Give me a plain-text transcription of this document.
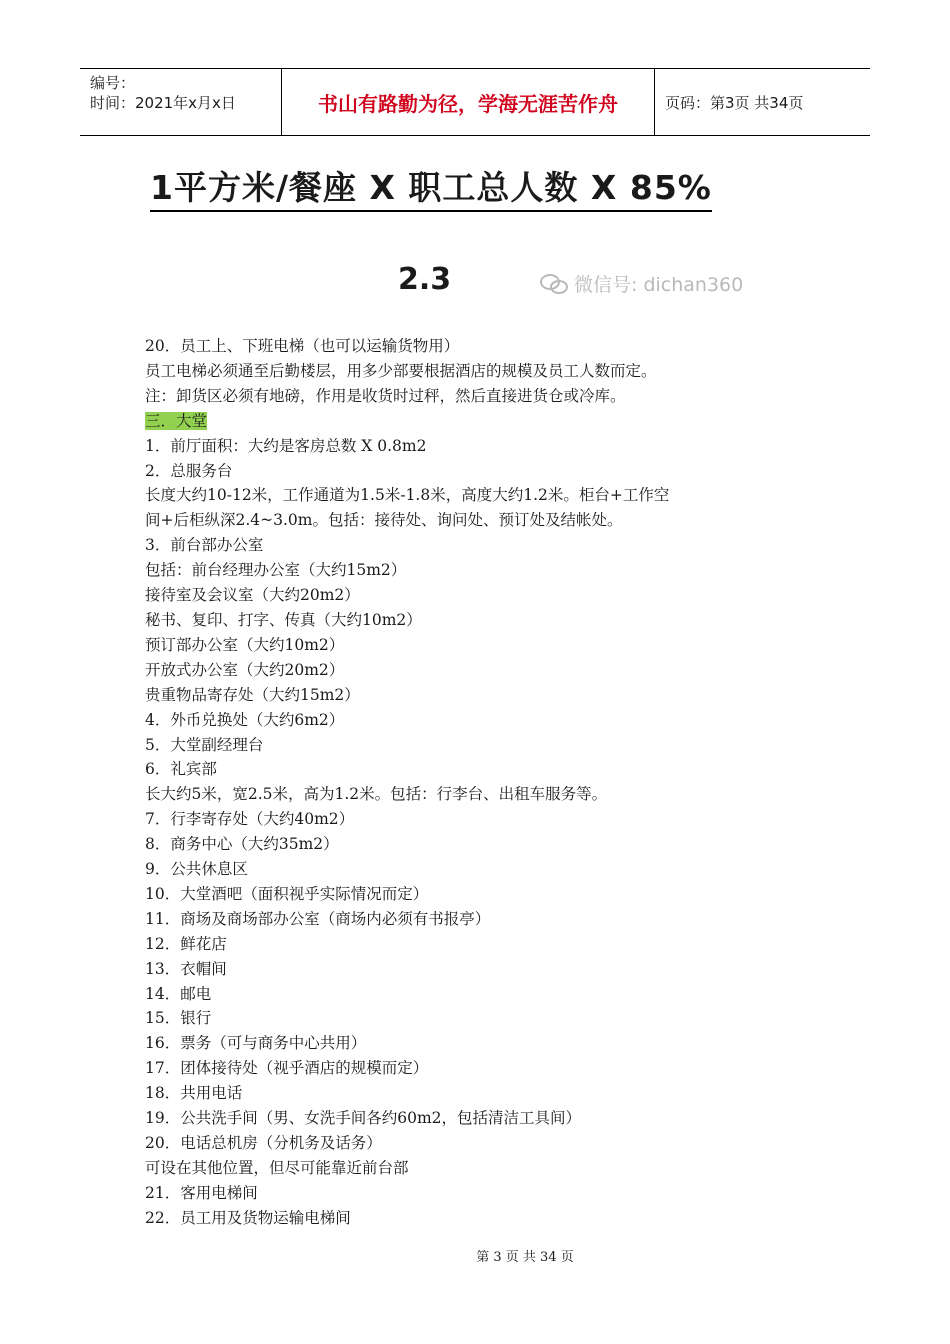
编号：
时间：2021年x月x日	书山有路勤为径，学海无涯苦作舟	页码：第3页 共34页
1平方米/餐座 X 职工总人数 X 85%
2.3	微信号: dichan360
20．员工上、下班电梯（也可以运输货物用）
员工电梯必须通至后勤楼层，用多少部要根据酒店的规模及员工人数而定。
注：卸货区必须有地磅，作用是收货时过秤，然后直接进货仓或冷库。
三．大堂
1．前厅面积：大约是客房总数 X 0.8m2
2．总服务台
长度大约10-12米，工作通道为1.5米-1.8米，高度大约1.2米。柜台+工作空
间+后柜纵深2.4~3.0m。包括：接待处、询问处、预订处及结帐处。
3．前台部办公室
包括：前台经理办公室（大约15m2）
接待室及会议室（大约20m2）
秘书、复印、打字、传真（大约10m2）
预订部办公室（大约10m2）
开放式办公室（大约20m2）
贵重物品寄存处（大约15m2）
4．外币兑换处（大约6m2）
5．大堂副经理台
6．礼宾部
长大约5米，宽2.5米，高为1.2米。包括：行李台、出租车服务等。
7．行李寄存处（大约40m2）
8．商务中心（大约35m2）
9．公共休息区
10．大堂酒吧（面积视乎实际情况而定）
11．商场及商场部办公室（商场内必须有书报亭）
12．鲜花店
13．衣帽间
14．邮电
15．银行
16．票务（可与商务中心共用）
17．团体接待处（视乎酒店的规模而定）
18．共用电话
19．公共洗手间（男、女洗手间各约60m2，包括清洁工具间）
20．电话总机房（分机务及话务）
可设在其他位置，但尽可能靠近前台部
21．客用电梯间
22．员工用及货物运输电梯间
第 3 页 共 34 页
